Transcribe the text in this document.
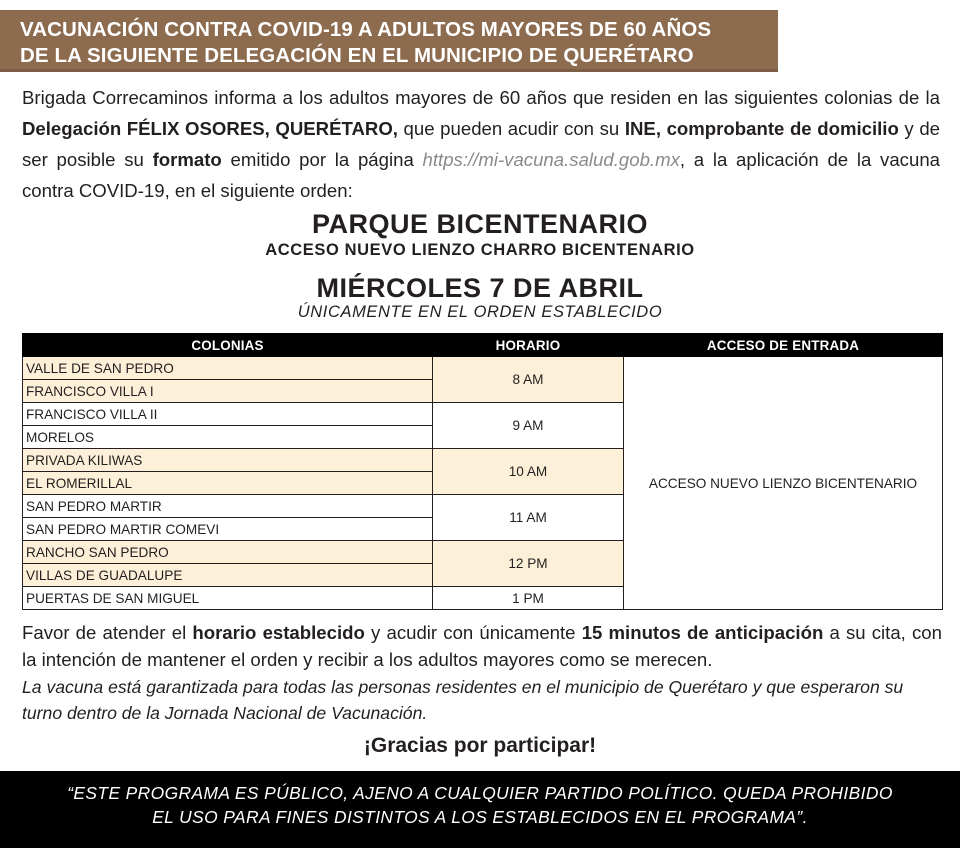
VACUNACIÓN CONTRA COVID-19 A ADULTOS MAYORES DE 60 AÑOS
DE LA SIGUIENTE DELEGACIÓN EN EL MUNICIPIO DE QUERÉTARO
Brigada Correcaminos informa a los adultos mayores de 60 años que residen en las siguientes colonias de la Delegación FÉLIX OSORES, QUERÉTARO, que pueden acudir con su INE, comprobante de domicilio y de ser posible su formato emitido por la página https://mi-vacuna.salud.gob.mx, a la aplicación de la vacuna contra COVID-19, en el siguiente orden:
PARQUE BICENTENARIO
ACCESO NUEVO LIENZO CHARRO BICENTENARIO
MIÉRCOLES 7 DE ABRIL
ÚNICAMENTE EN EL ORDEN ESTABLECIDO
COLONIAS	HORARIO	ACCESO DE ENTRADA
VALLE DE SAN PEDRO	8 AM	ACCESO NUEVO LIENZO BICENTENARIO
FRANCISCO VILLA I		
FRANCISCO VILLA II	9 AM	
MORELOS		
PRIVADA KILIWAS	10 AM	
EL ROMERILLAL		
SAN PEDRO MARTIR	11 AM	
SAN PEDRO MARTIR COMEVI		
RANCHO SAN PEDRO	12 PM	
VILLAS DE GUADALUPE		
PUERTAS DE SAN MIGUEL	1 PM	
Favor de atender el horario establecido y acudir con únicamente 15 minutos de anticipación a su cita, con la intención de mantener el orden y recibir a los adultos mayores como se merecen.
La vacuna está garantizada para todas las personas residentes en el municipio de Querétaro y que esperaron su turno dentro de la Jornada Nacional de Vacunación.
¡Gracias por participar!
“ESTE PROGRAMA ES PÚBLICO, AJENO A CUALQUIER PARTIDO POLÍTICO. QUEDA PROHIBIDO
EL USO PARA FINES DISTINTOS A LOS ESTABLECIDOS EN EL PROGRAMA”.
